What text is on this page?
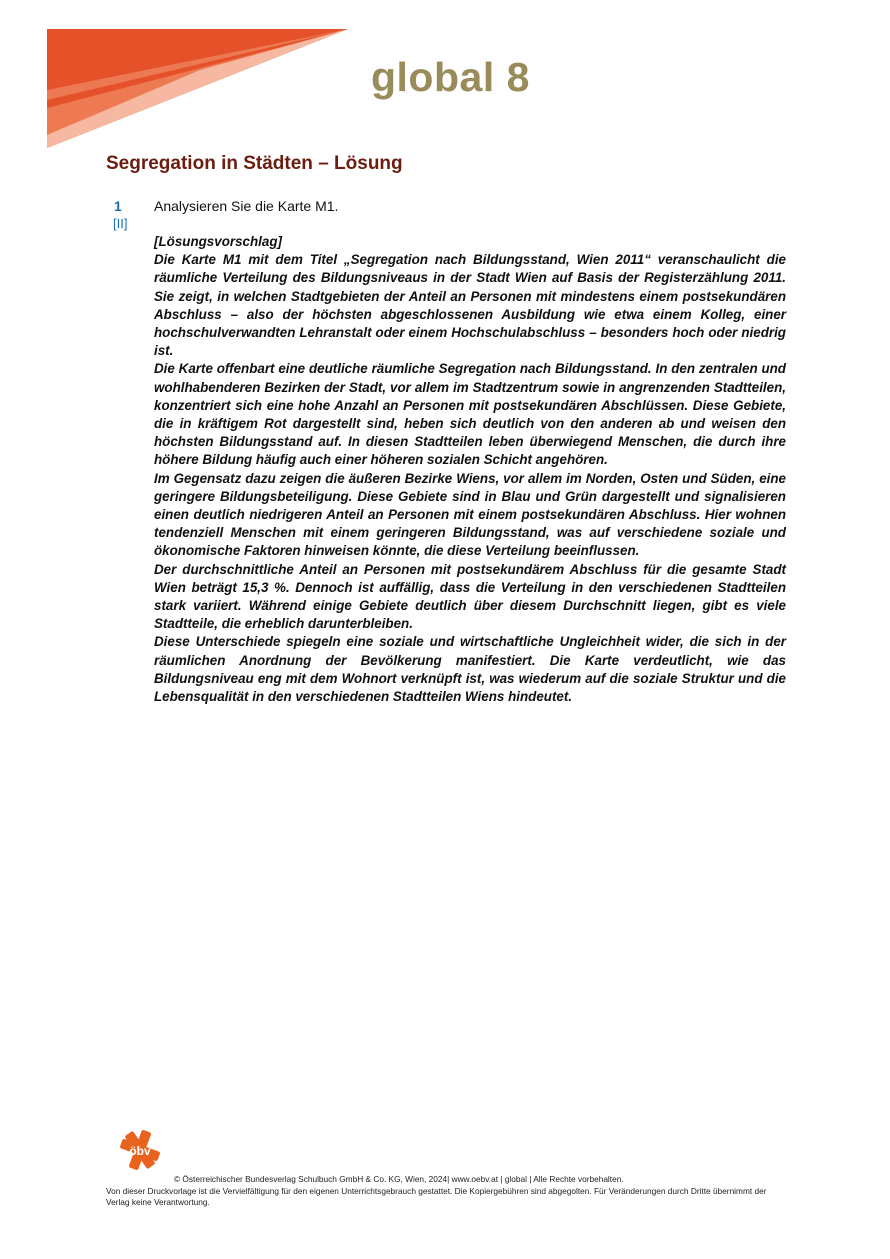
global 8
Segregation in Städten – Lösung
1
[II]
Analysieren Sie die Karte M1.

[Lösungsvorschlag]

Die Karte M1 mit dem Titel „Segregation nach Bildungsstand, Wien 2011“ veranschaulicht die räumliche Verteilung des Bildungsniveaus in der Stadt Wien auf Basis der Registerzählung 2011. Sie zeigt, in welchen Stadtgebieten der Anteil an Personen mit mindestens einem postsekundären Abschluss – also der höchsten abgeschlossenen Ausbildung wie etwa einem Kolleg, einer hochschulverwandten Lehranstalt oder einem Hochschulabschluss – besonders hoch oder niedrig ist.

Die Karte offenbart eine deutliche räumliche Segregation nach Bildungsstand. In den zentralen und wohlhabenderen Bezirken der Stadt, vor allem im Stadtzentrum sowie in angrenzenden Stadtteilen, konzentriert sich eine hohe Anzahl an Personen mit postsekundären Abschlüssen. Diese Gebiete, die in kräftigem Rot dargestellt sind, heben sich deutlich von den anderen ab und weisen den höchsten Bildungsstand auf. In diesen Stadtteilen leben überwiegend Menschen, die durch ihre höhere Bildung häufig auch einer höheren sozialen Schicht angehören.

Im Gegensatz dazu zeigen die äußeren Bezirke Wiens, vor allem im Norden, Osten und Süden, eine geringere Bildungsbeteiligung. Diese Gebiete sind in Blau und Grün dargestellt und signalisieren einen deutlich niedrigeren Anteil an Personen mit einem postsekundären Abschluss. Hier wohnen tendenziell Menschen mit einem geringeren Bildungsstand, was auf verschiedene soziale und ökonomische Faktoren hinweisen könnte, die diese Verteilung beeinflussen.

Der durchschnittliche Anteil an Personen mit postsekundärem Abschluss für die gesamte Stadt Wien beträgt 15,3 %. Dennoch ist auffällig, dass die Verteilung in den verschiedenen Stadtteilen stark variiert. Während einige Gebiete deutlich über diesem Durchschnitt liegen, gibt es viele Stadtteile, die erheblich darunterbleiben.

Diese Unterschiede spiegeln eine soziale und wirtschaftliche Ungleichheit wider, die sich in der räumlichen Anordnung der Bevölkerung manifestiert. Die Karte verdeutlicht, wie das Bildungsniveau eng mit dem Wohnort verknüpft ist, was wiederum auf die soziale Struktur und die Lebensqualität in den verschiedenen Stadtteilen Wiens hindeutet.

öbv
© Österreichischer Bundesverlag Schulbuch GmbH & Co. KG, Wien, 2024| www.oebv.at | global | Alle Rechte vorbehalten.
Von dieser Druckvorlage ist die Vervielfältigung für den eigenen Unterrichtsgebrauch gestattet. Die Kopiergebühren sind abgegolten. Für Veränderungen durch Dritte übernimmt der Verlag keine Verantwortung.
